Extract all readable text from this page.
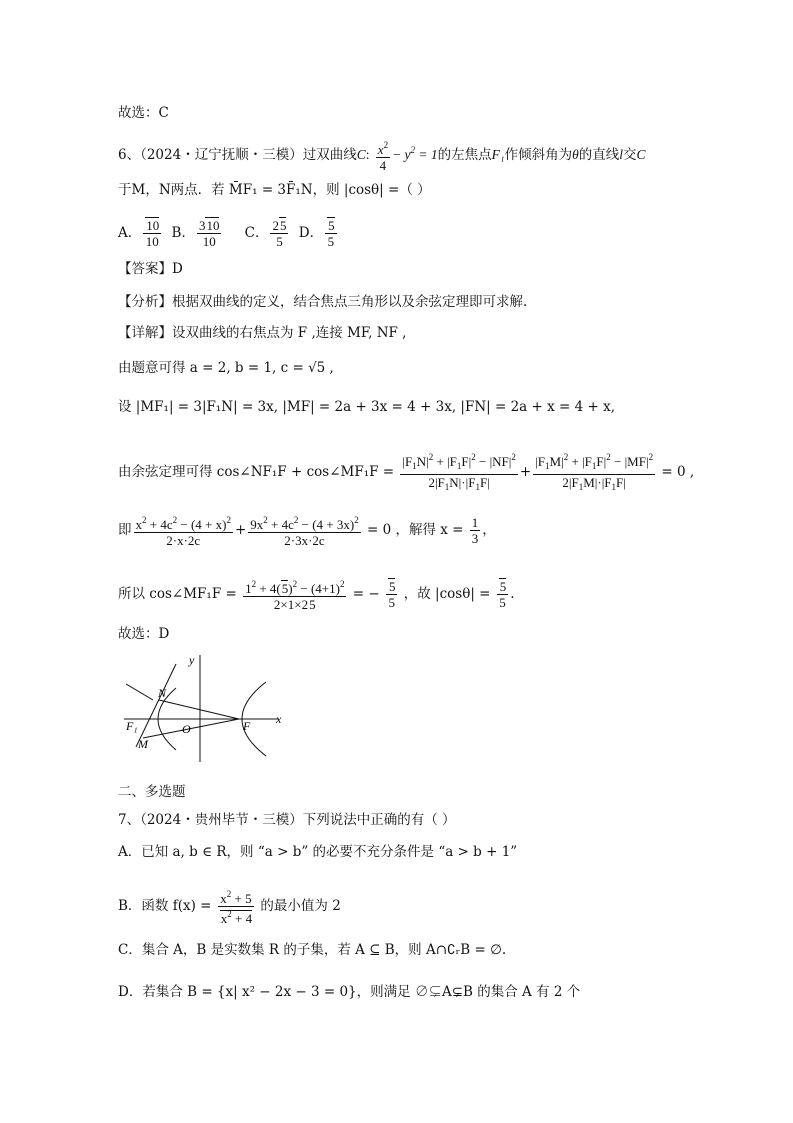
故选：C
6、（2024・辽宁抚顺・三模）过双曲线C: $\frac{x^2}{4} - y^2 = 1$的左焦点F₁作倾斜角为θ的直线l交C
于M，N两点．若 M̄F₁ = 3F̄₁N，则 |cosθ| =（ ）
A． $\frac{10}{10}$ B． $\frac{310}{10}$ C． $\frac{25}{5}$ D． $\frac{5}{5}$
【答案】D
【分析】根据双曲线的定义，结合焦点三角形以及余弦定理即可求解.
【详解】设双曲线的右焦点为 F ,连接 MF, NF ,
由题意可得 a = 2, b = 1, c = √5 ,
设 |MF₁| = 3|F₁N| = 3x, |MF| = 2a + 3x = 4 + 3x, |FN| = 2a + x = 4 + x,
由余弦定理可得 cos∠NF₁F + cos∠MF₁F = $\frac{|F_1N|^2 + |F_1F|^2 - |NF|^2}{2|F_1N|\cdot|F_1F|} + \frac{|F_1M|^2 + |F_1F|^2 - |MF|^2}{2|F_1M|\cdot|F_1F|} = 0$ ,
即 $\frac{x^2 + 4c^2 - (4 + x)^2}{2\cdot x\cdot 2c} + \frac{9x^2 + 4c^2 - (4 + 3x)^2}{2\cdot 3x\cdot 2c} = 0$ ，解得 $x = \frac{1}{3}$ ，
所以 cos∠MF₁F = $\frac{1^2 + 4(5)^2 - (4+1)^2}{2\times 1\times 25}$ = − $\frac{5}{5}$ ，故 $|\cos\theta| = \frac{5}{5}$ .
故选：D
y
x
N
M
F₁	O	F
二、多选题
7、（2024・贵州毕节・三模）下列说法中正确的有（ ）
A．已知 a, b ∈ R，则 “a > b” 的必要不充分条件是 “a > b + 1”
B．函数 $f(x) = \frac{x^2 + 5}{x^2 + 4}$ 的最小值为 2
C．集合 A，B 是实数集 R 的子集，若 A ⊆ B，则 A∩∁ᵣB = ∅.
D．若集合 B = {x| x² − 2x − 3 = 0}，则满足 ∅⊊A⊊B 的集合 A 有 2 个
